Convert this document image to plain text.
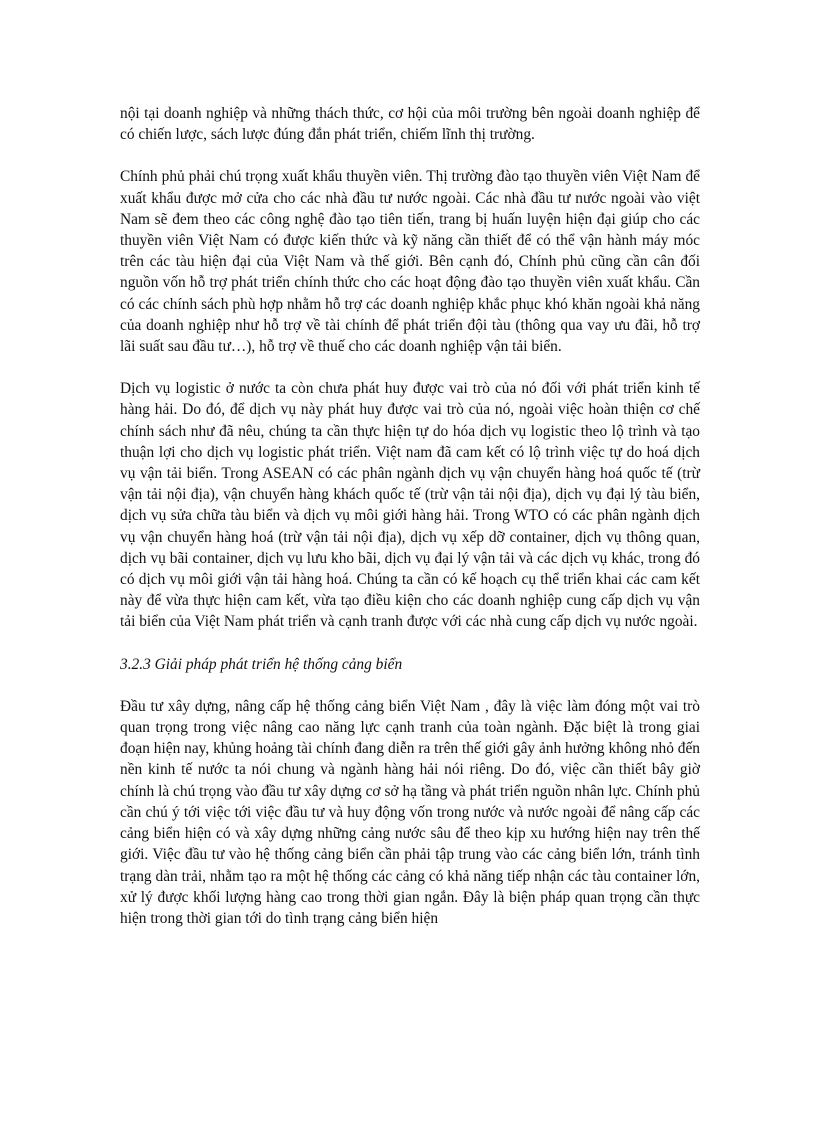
nội tại doanh nghiệp và những thách thức, cơ hội của môi trường bên ngoài doanh nghiệp để có chiến lược, sách lược đúng đắn phát triển, chiếm lĩnh thị trường.

Chính phủ phải chú trọng xuất khẩu thuyền viên. Thị trường đào tạo thuyền viên Việt Nam để xuất khẩu được mở cửa cho các nhà đầu tư nước ngoài. Các nhà đầu tư nước ngoài vào việt Nam sẽ đem theo các công nghệ đào tạo tiên tiến, trang bị huấn luyện hiện đại giúp cho các thuyền viên Việt Nam có được kiến thức và kỹ năng cần thiết để có thể vận hành máy móc trên các tàu hiện đại của Việt Nam và thế giới. Bên cạnh đó, Chính phủ cũng cần cân đối nguồn vốn hỗ trợ phát triển chính thức cho các hoạt động đào tạo thuyền viên xuất khẩu. Cần có các chính sách phù hợp nhằm hỗ trợ các doanh nghiệp khắc phục khó khăn ngoài khả năng của doanh nghiệp như hỗ trợ về tài chính để phát triển đội tàu (thông qua vay ưu đãi, hỗ trợ lãi suất sau đầu tư…), hỗ trợ về thuế cho các doanh nghiệp vận tải biển.

Dịch vụ logistic ở nước ta còn chưa phát huy được vai trò của nó đối với phát triển kinh tế hàng hải. Do đó, để dịch vụ này phát huy được vai trò của nó, ngoài việc hoàn thiện cơ chế chính sách như đã nêu, chúng ta cần thực hiện tự do hóa dịch vụ logistic theo lộ trình và tạo thuận lợi cho dịch vụ logistic phát triển. Việt nam đã cam kết có lộ trình việc tự do hoá dịch vụ vận tải biển. Trong ASEAN có các phân ngành dịch vụ vận chuyển hàng hoá quốc tế (trừ vận tải nội địa), vận chuyển hàng khách quốc tế (trừ vận tải nội địa), dịch vụ đại lý tàu biển, dịch vụ sửa chữa tàu biển và dịch vụ môi giới hàng hải. Trong WTO có các phân ngành dịch vụ vận chuyển hàng hoá (trừ vận tải nội địa), dịch vụ xếp dỡ container, dịch vụ thông quan, dịch vụ bãi container, dịch vụ lưu kho bãi, dịch vụ đại lý vận tải và các dịch vụ khác, trong đó có dịch vụ môi giới vận tải hàng hoá. Chúng ta cần có kế hoạch cụ thể triển khai các cam kết này để vừa thực hiện cam kết, vừa tạo điều kiện cho các doanh nghiệp cung cấp dịch vụ vận tải biển của Việt Nam phát triển và cạnh tranh được với các nhà cung cấp dịch vụ nước ngoài.

3.2.3 Giải pháp phát triển hệ thống cảng biển

Đầu tư xây dựng, nâng cấp hệ thống cảng biển Việt Nam , đây là việc làm đóng một vai trò quan trọng trong việc nâng cao năng lực cạnh tranh của toàn ngành. Đặc biệt là trong giai đoạn hiện nay, khủng hoảng tài chính đang diễn ra trên thế giới gây ảnh hưởng không nhỏ đến nền kinh tế nước ta nói chung và ngành hàng hải nói riêng. Do đó, việc cần thiết bây giờ chính là chú trọng vào đầu tư xây dựng cơ sở hạ tầng và phát triển nguồn nhân lực. Chính phủ cần chú ý tới việc tới việc đầu tư và huy động vốn trong nước và nước ngoài để nâng cấp các cảng biển hiện có và xây dựng những cảng nước sâu để theo kịp xu hướng hiện nay trên thế giới. Việc đầu tư vào hệ thống cảng biển cần phải tập trung vào các cảng biển lớn, tránh tình trạng dàn trải, nhằm tạo ra một hệ thống các cảng có khả năng tiếp nhận các tàu container lớn, xử lý được khối lượng hàng cao trong thời gian ngắn. Đây là biện pháp quan trọng cần thực hiện trong thời gian tới do tình trạng cảng biển hiện
